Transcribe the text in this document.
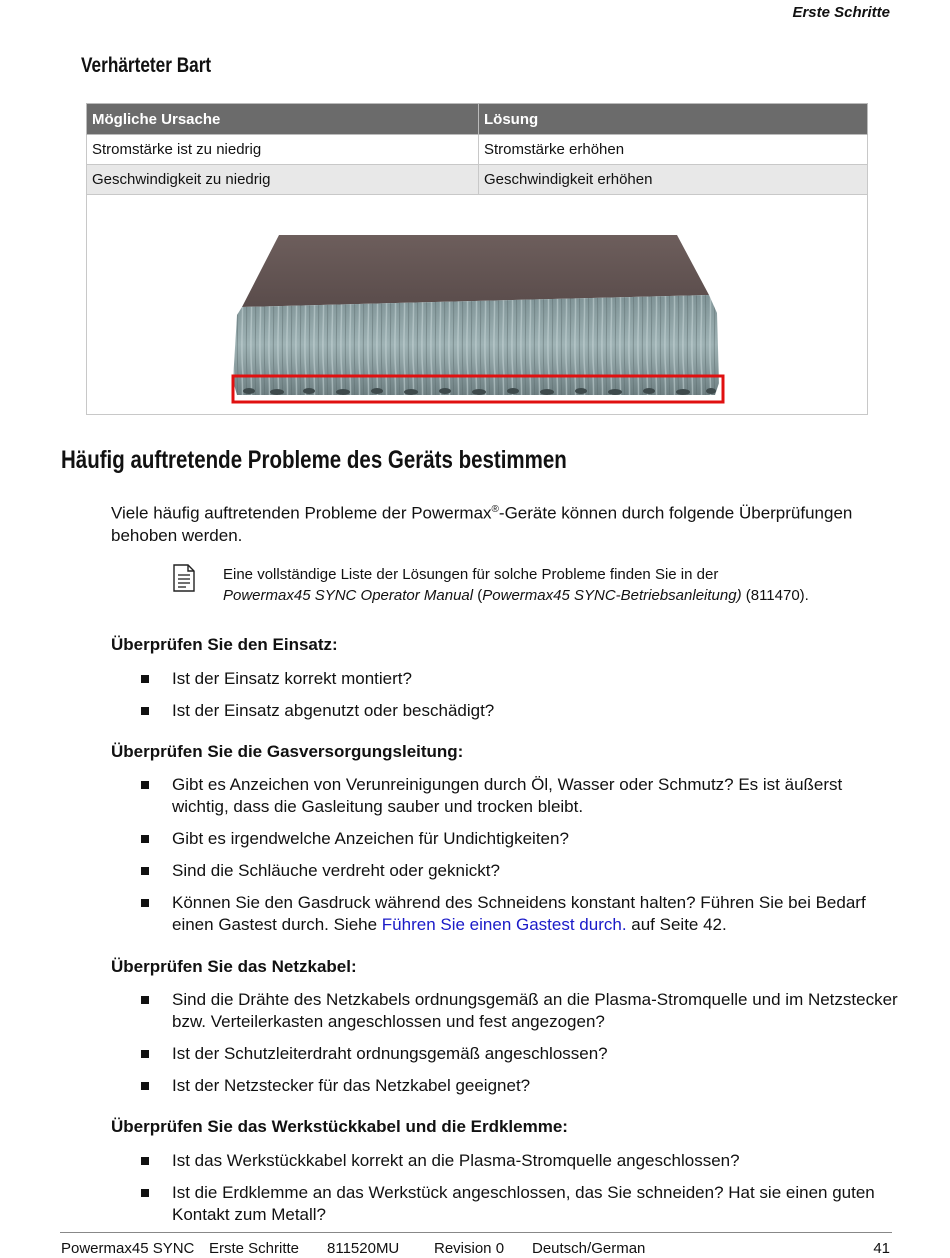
Erste Schritte
Verhärteter Bart
Mögliche Ursache	Lösung
Stromstärke ist zu niedrig	Stromstärke erhöhen
Geschwindigkeit zu niedrig	Geschwindigkeit erhöhen

Häufig auftretende Probleme des Geräts bestimmen
Viele häufig auftretenden Probleme der Powermax®-Geräte können durch folgende Überprüfungen behoben werden.
Eine vollständige Liste der Lösungen für solche Probleme finden Sie in der
Powermax45 SYNC Operator Manual (Powermax45 SYNC-Betriebsanleitung) (811470).
Überprüfen Sie den Einsatz:
Ist der Einsatz korrekt montiert?
Ist der Einsatz abgenutzt oder beschädigt?
Überprüfen Sie die Gasversorgungsleitung:
Gibt es Anzeichen von Verunreinigungen durch Öl, Wasser oder Schmutz? Es ist äußerst wichtig, dass die Gasleitung sauber und trocken bleibt.
Gibt es irgendwelche Anzeichen für Undichtigkeiten?
Sind die Schläuche verdreht oder geknickt?
Können Sie den Gasdruck während des Schneidens konstant halten? Führen Sie bei Bedarf einen Gastest durch. Siehe Führen Sie einen Gastest durch. auf Seite 42.
Überprüfen Sie das Netzkabel:
Sind die Drähte des Netzkabels ordnungsgemäß an die Plasma-Stromquelle und im Netzstecker bzw. Verteilerkasten angeschlossen und fest angezogen?
Ist der Schutzleiterdraht ordnungsgemäß angeschlossen?
Ist der Netzstecker für das Netzkabel geeignet?
Überprüfen Sie das Werkstückkabel und die Erdklemme:
Ist das Werkstückkabel korrekt an die Plasma-Stromquelle angeschlossen?
Ist die Erdklemme an das Werkstück angeschlossen, das Sie schneiden? Hat sie einen guten Kontakt zum Metall?
Powermax45 SYNC Erste Schritte 811520MU Revision 0 Deutsch/German	41
